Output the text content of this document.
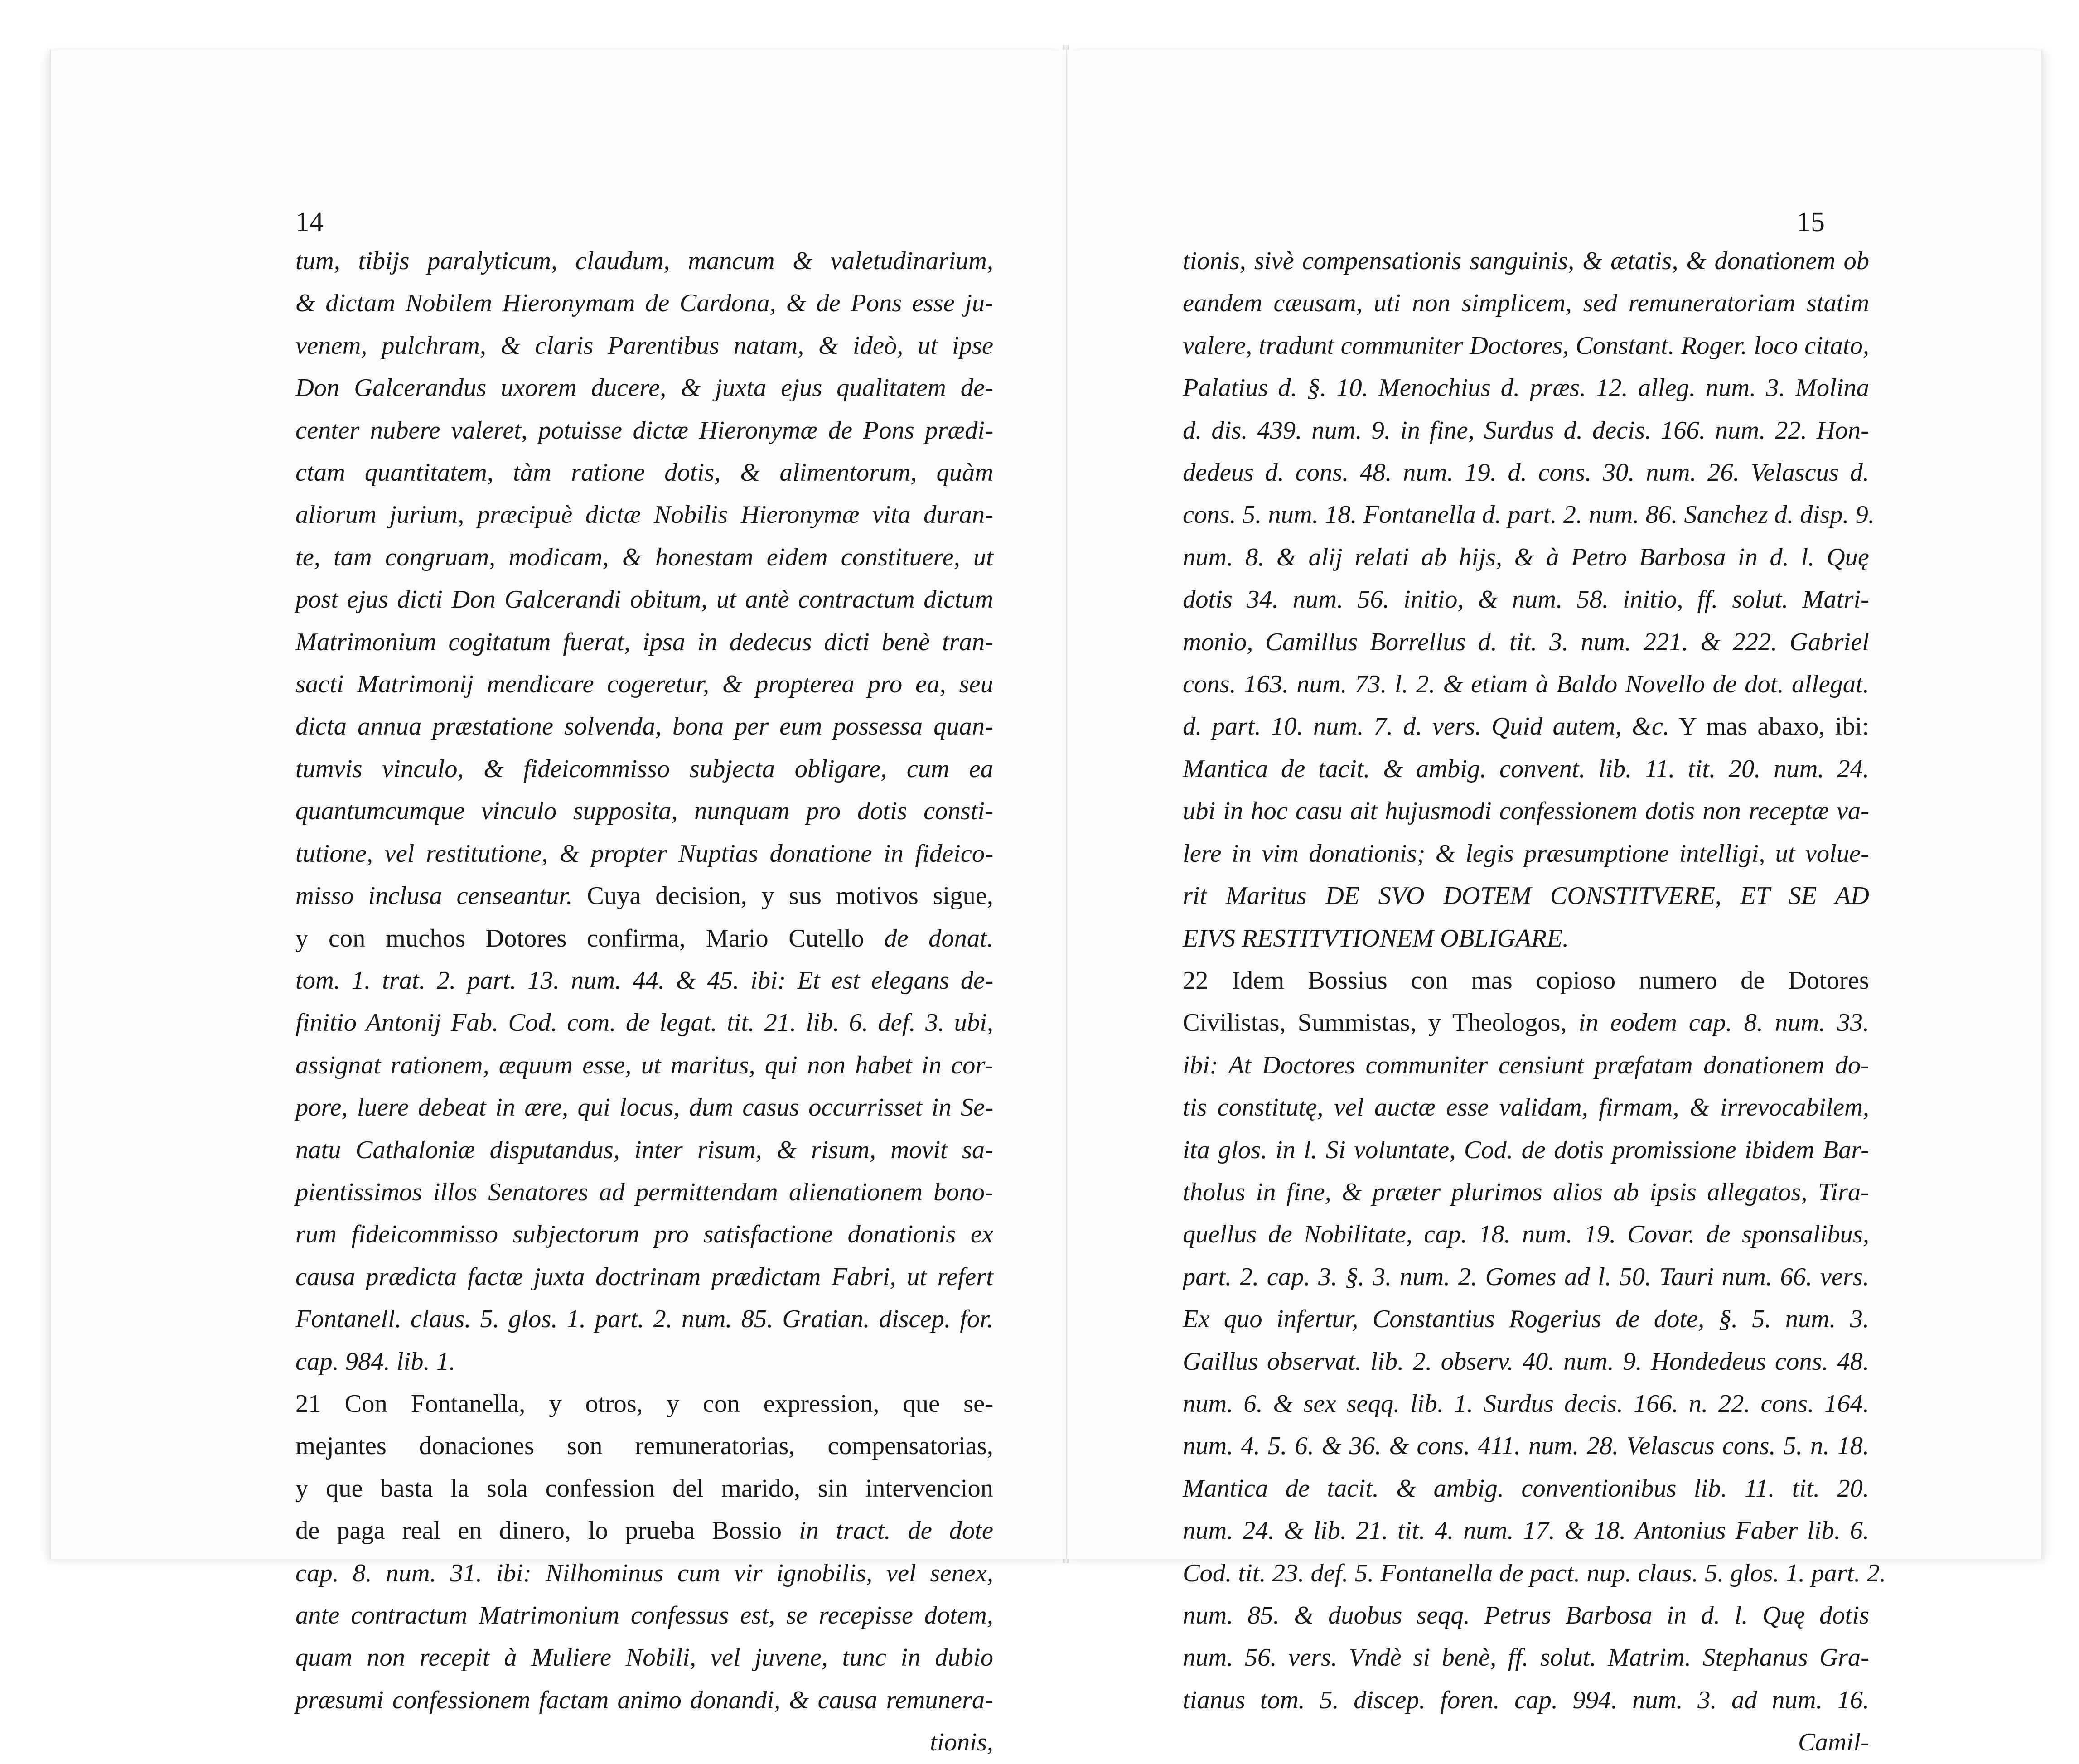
14
tum, tibijs paralyticum, claudum, mancum & valetudinarium,
& dictam Nobilem Hieronymam de Cardona, & de Pons esse ju-
venem, pulchram, & claris Parentibus natam, & ideò, ut ipse
Don Galcerandus uxorem ducere, & juxta ejus qualitatem de-
center nubere valeret, potuisse dictæ Hieronymæ de Pons prædi-
ctam quantitatem, tàm ratione dotis, & alimentorum, quàm
aliorum jurium, præcipuè dictæ Nobilis Hieronymæ vita duran-
te, tam congruam, modicam, & honestam eidem constituere, ut
post ejus dicti Don Galcerandi obitum, ut antè contractum dictum
Matrimonium cogitatum fuerat, ipsa in dedecus dicti benè tran-
sacti Matrimonij mendicare cogeretur, & propterea pro ea, seu
dicta annua præstatione solvenda, bona per eum possessa quan-
tumvis vinculo, & fideicommisso subjecta obligare, cum ea
quantumcumque vinculo supposita, nunquam pro dotis consti-
tutione, vel restitutione, & propter Nuptias donatione in fideico-
misso inclusa censeantur. Cuya decision, y sus motivos sigue,
y con muchos Dotores confirma, Mario Cutello de donat.
tom. 1. trat. 2. part. 13. num. 44. & 45. ibi: Et est elegans de-
finitio Antonij Fab. Cod. com. de legat. tit. 21. lib. 6. def. 3. ubi,
assignat rationem, æquum esse, ut maritus, qui non habet in cor-
pore, luere debeat in ære, qui locus, dum casus occurrisset in Se-
natu Cathaloniæ disputandus, inter risum, & risum, movit sa-
pientissimos illos Senatores ad permittendam alienationem bono-
rum fideicommisso subjectorum pro satisfactione donationis ex
causa prædicta factæ juxta doctrinam prædictam Fabri, ut refert
Fontanell. claus. 5. glos. 1. part. 2. num. 85. Gratian. discep. for.
cap. 984. lib. 1.
21 Con Fontanella, y otros, y con expression, que se-
mejantes donaciones son remuneratorias, compensatorias,
y que basta la sola confession del marido, sin intervencion
de paga real en dinero, lo prueba Bossio in tract. de dote
cap. 8. num. 31. ibi: Nilhominus cum vir ignobilis, vel senex,
ante contractum Matrimonium confessus est, se recepisse dotem,
quam non recepit à Muliere Nobili, vel juvene, tunc in dubio
præsumi confessionem factam animo donandi, & causa remunera-
tionis,
15
tionis, sivè compensationis sanguinis, & ætatis, & donationem ob
eandem cæusam, uti non simplicem, sed remuneratoriam statim
valere, tradunt communiter Doctores, Constant. Roger. loco citato,
Palatius d. §. 10. Menochius d. præs. 12. alleg. num. 3. Molina
d. dis. 439. num. 9. in fine, Surdus d. decis. 166. num. 22. Hon-
dedeus d. cons. 48. num. 19. d. cons. 30. num. 26. Velascus d.
cons. 5. num. 18. Fontanella d. part. 2. num. 86. Sanchez d. disp. 9.
num. 8. & alij relati ab hijs, & à Petro Barbosa in d. l. Quę
dotis 34. num. 56. initio, & num. 58. initio, ff. solut. Matri-
monio, Camillus Borrellus d. tit. 3. num. 221. & 222. Gabriel
cons. 163. num. 73. l. 2. & etiam à Baldo Novello de dot. allegat.
d. part. 10. num. 7. d. vers. Quid autem, &c. Y mas abaxo, ibi:
Mantica de tacit. & ambig. convent. lib. 11. tit. 20. num. 24.
ubi in hoc casu ait hujusmodi confessionem dotis non receptæ va-
lere in vim donationis; & legis præsumptione intelligi, ut volue-
rit Maritus DE SVO DOTEM CONSTITVERE, ET SE AD
EIVS RESTITVTIONEM OBLIGARE.
22 Idem Bossius con mas copioso numero de Dotores
Civilistas, Summistas, y Theologos, in eodem cap. 8. num. 33.
ibi: At Doctores communiter censiunt præfatam donationem do-
tis constitutę, vel auctæ esse validam, firmam, & irrevocabilem,
ita glos. in l. Si voluntate, Cod. de dotis promissione ibidem Bar-
tholus in fine, & præter plurimos alios ab ipsis allegatos, Tira-
quellus de Nobilitate, cap. 18. num. 19. Covar. de sponsalibus,
part. 2. cap. 3. §. 3. num. 2. Gomes ad l. 50. Tauri num. 66. vers.
Ex quo infertur, Constantius Rogerius de dote, §. 5. num. 3.
Gaillus observat. lib. 2. observ. 40. num. 9. Hondedeus cons. 48.
num. 6. & sex seqq. lib. 1. Surdus decis. 166. n. 22. cons. 164.
num. 4. 5. 6. & 36. & cons. 411. num. 28. Velascus cons. 5. n. 18.
Mantica de tacit. & ambig. conventionibus lib. 11. tit. 20.
num. 24. & lib. 21. tit. 4. num. 17. & 18. Antonius Faber lib. 6.
Cod. tit. 23. def. 5. Fontanella de pact. nup. claus. 5. glos. 1. part. 2.
num. 85. & duobus seqq. Petrus Barbosa in d. l. Quę dotis
num. 56. vers. Vndè si benè, ff. solut. Matrim. Stephanus Gra-
tianus tom. 5. discep. foren. cap. 994. num. 3. ad num. 16.
Camil-
